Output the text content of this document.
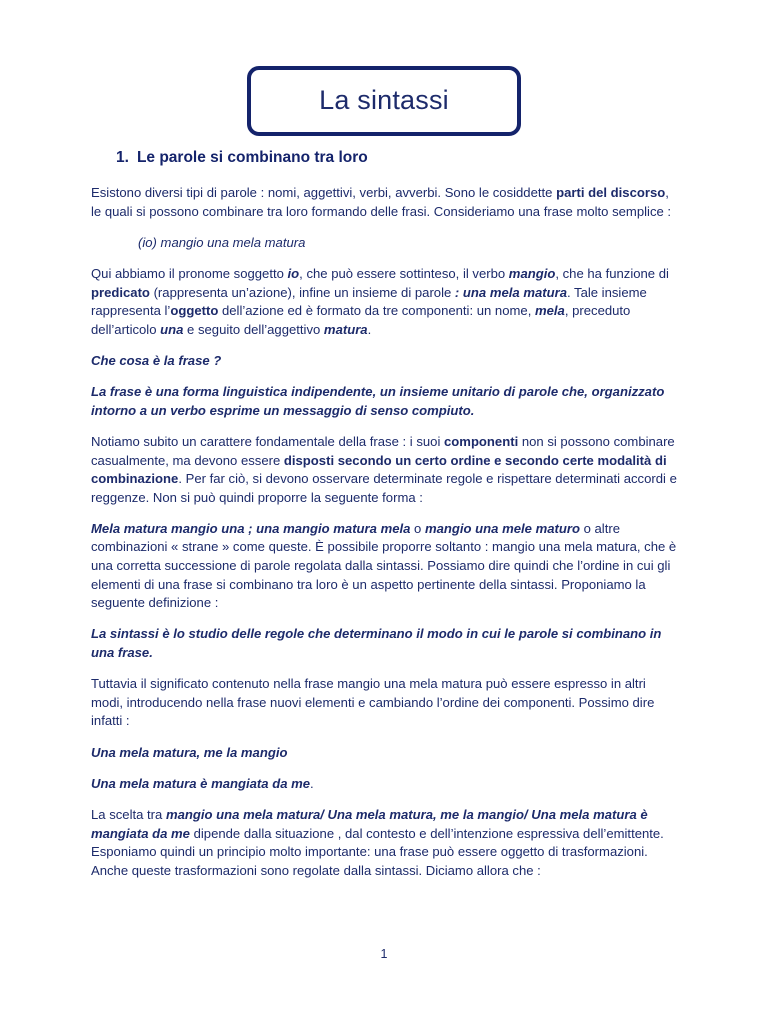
La sintassi
1. Le parole si combinano tra loro

Esistono diversi tipi di parole : nomi, aggettivi, verbi, avverbi. Sono le cosiddette parti del discorso, le quali si possono combinare tra loro formando delle frasi. Consideriamo una frase molto semplice :

(io) mangio una mela matura

Qui abbiamo il pronome soggetto io, che può essere sottinteso, il verbo mangio, che ha funzione di predicato (rappresenta un’azione), infine un insieme di parole : una mela matura. Tale insieme rappresenta l’oggetto dell’azione ed è formato da tre componenti: un nome, mela, preceduto dell’articolo una e seguito dell’aggettivo matura.

Che cosa è la frase ?

La frase è una forma linguistica indipendente, un insieme unitario di parole che, organizzato intorno a un verbo esprime un messaggio di senso compiuto.

Notiamo subito un carattere fondamentale della frase : i suoi componenti non si possono combinare casualmente, ma devono essere disposti secondo un certo ordine e secondo certe modalità di combinazione. Per far ciò, si devono osservare determinate regole e rispettare determinati accordi e reggenze. Non si può quindi proporre la seguente forma :

Mela matura mangio una ; una mangio matura mela o mangio una mele maturo o altre combinazioni « strane » come queste. È possibile proporre soltanto : mangio una mela matura, che è una corretta successione di parole regolata dalla sintassi. Possiamo dire quindi che l’ordine in cui gli elementi di una frase si combinano tra loro è un aspetto pertinente della sintassi. Proponiamo la seguente definizione :

La sintassi è lo studio delle regole che determinano il modo in cui le parole si combinano in una frase.

Tuttavia il significato contenuto nella frase mangio una mela matura può essere espresso in altri modi, introducendo nella frase nuovi elementi e cambiando l’ordine dei componenti. Possimo dire infatti :

Una mela matura, me la mangio

Una mela matura è mangiata da me.

La scelta tra mangio una mela matura/ Una mela matura, me la mangio/ Una mela matura è mangiata da me dipende dalla situazione , dal contesto e dell’intenzione espressiva dell’emittente. Esponiamo quindi un principio molto importante: una frase può essere oggetto di trasformazioni. Anche queste trasformazioni sono regolate dalla sintassi. Diciamo allora che :

1
